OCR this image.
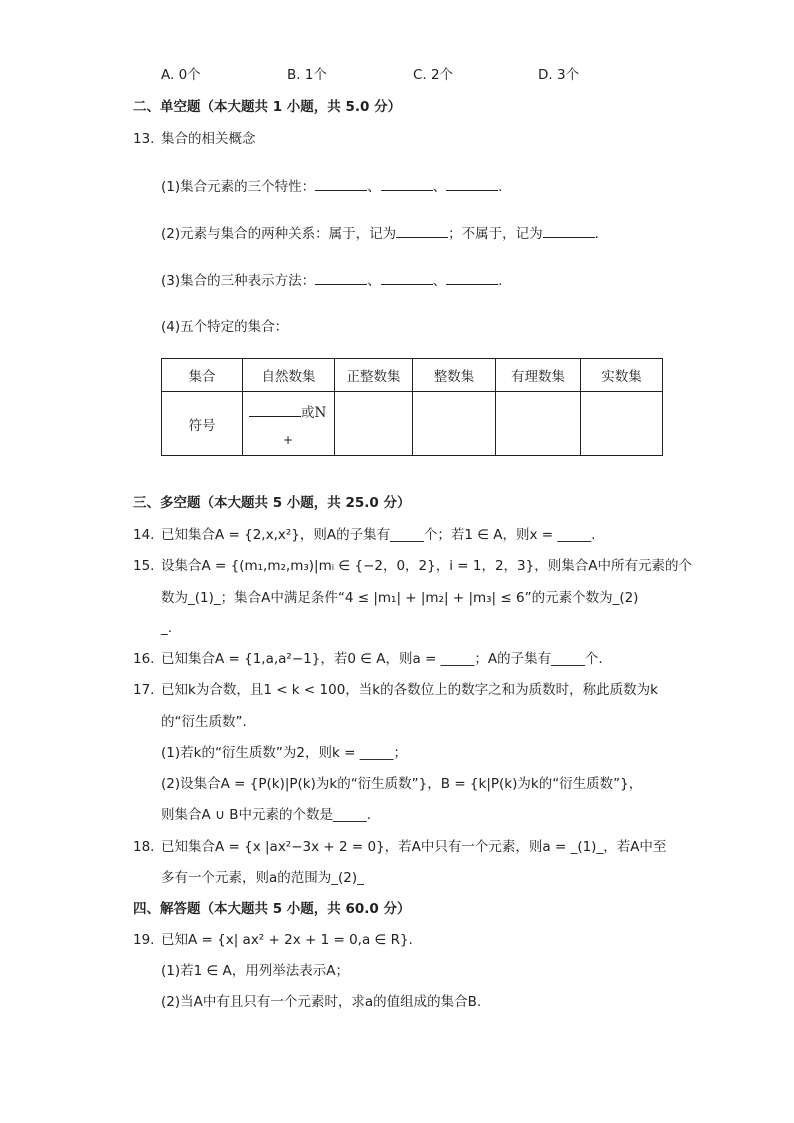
A. 0个	B. 1个	C. 2个	D. 3个
二、单空题（本大题共 1 小题，共 5.0 分）
13. 集合的相关概念
(1)集合元素的三个特性：	、	、	.
(2)元素与集合的两种关系：属于，记为	；不属于，记为	.
(3)集合的三种表示方法：	、	、	.
(4)五个特定的集合：
集合	自然数集	正整数集	整数集	有理数集	实数集
符号	或N
+				

三、多空题（本大题共 5 小题，共 25.0 分）
14. 已知集合A = {2,x,x²}，则A的子集有_____个；若1 ∈ A，则x = _____.
15. 设集合A = {(m₁,m₂,m₃)|mᵢ ∈ {−2，0，2}，i = 1，2，3}，则集合A中所有元素的个
数为_(1)_；集合A中满足条件“4 ≤ |m₁| + |m₂| + |m₃| ≤ 6”的元素个数为_(2)
_.
16. 已知集合A = {1,a,a²−1}，若0 ∈ A，则a = _____；A的子集有_____个.
17. 已知k为合数，且1 < k < 100，当k的各数位上的数字之和为质数时，称此质数为k
的“衍生质数”.
(1)若k的“衍生质数”为2，则k = _____；
(2)设集合A = {P(k)|P(k)为k的“衍生质数”}，B = {k|P(k)为k的“衍生质数”}，
则集合A ∪ B中元素的个数是_____.
18. 已知集合A = {x |ax²−3x + 2 = 0}，若A中只有一个元素，则a = _(1)_，若A中至
多有一个元素，则a的范围为_(2)_
四、解答题（本大题共 5 小题，共 60.0 分）
19. 已知A = {x| ax² + 2x + 1 = 0,a ∈ R}.
(1)若1 ∈ A，用列举法表示A；
(2)当A中有且只有一个元素时，求a的值组成的集合B.
